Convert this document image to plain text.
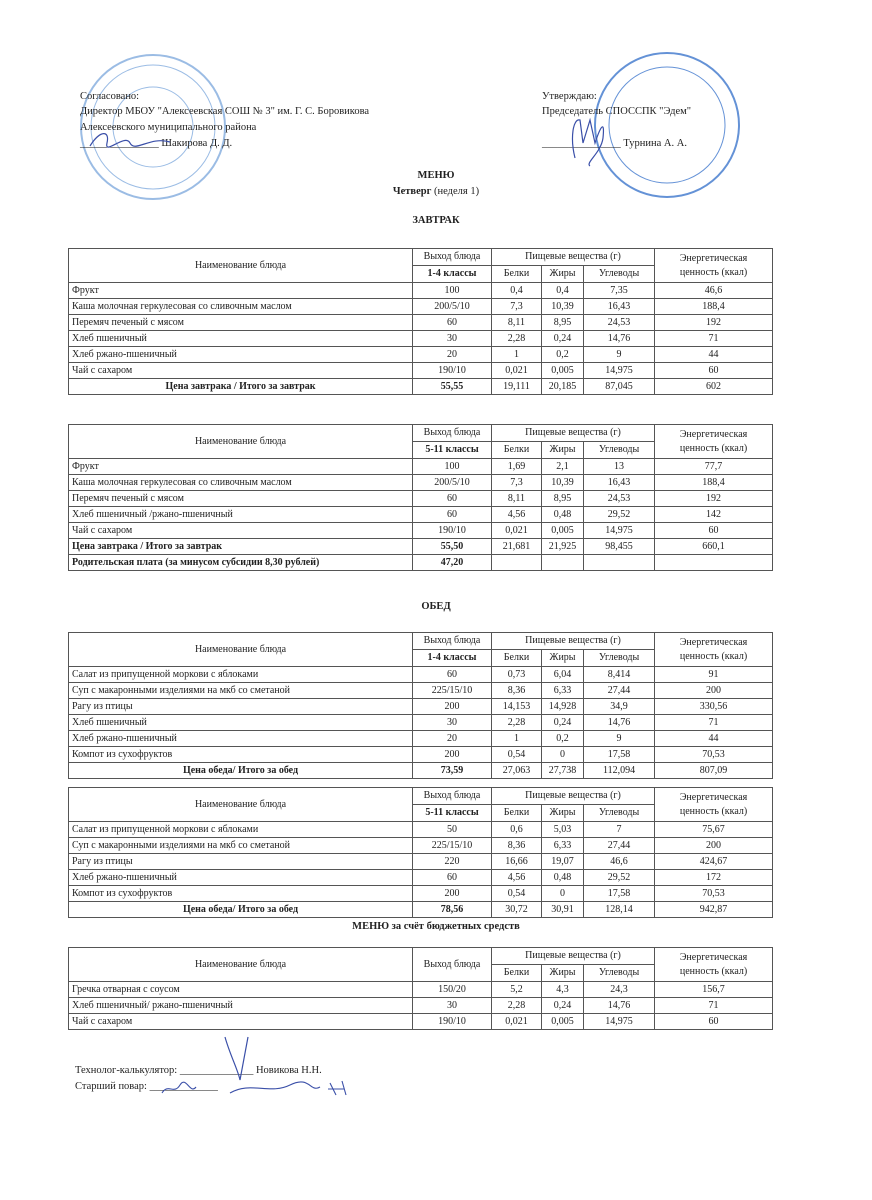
Согласовано:
Директор МБОУ "Алексеевская СОШ № 3" им. Г. С. Боровикова
Алексеевского муниципального района
_______________ Шакирова Д. Д.
Утверждаю:
Председатель СПОССПК "Эдем"
_______________ Турнина А. А.
МЕНЮ
Четверг (неделя 1)
ЗАВТРАК
Наименование блюда	Выход блюда	Пищевые вещества (г)			Энергетическая ценность (ккал)
	1-4 классы	Белки	Жиры	Углеводы	
Фрукт	100	0,4	0,4	7,35	46,6
Каша молочная геркулесовая со сливочным маслом	200/5/10	7,3	10,39	16,43	188,4
Перемяч печеный с мясом	60	8,11	8,95	24,53	192
Хлеб пшеничный	30	2,28	0,24	14,76	71
Хлеб ржано-пшеничный	20	1	0,2	9	44
Чай с сахаром	190/10	0,021	0,005	14,975	60
Цена завтрака / Итого за завтрак	55,55	19,111	20,185	87,045	602
Наименование блюда	Выход блюда	Пищевые вещества (г)			Энергетическая ценность (ккал)
	5-11 классы	Белки	Жиры	Углеводы	
Фрукт	100	1,69	2,1	13	77,7
Каша молочная геркулесовая со сливочным маслом	200/5/10	7,3	10,39	16,43	188,4
Перемяч печеный с мясом	60	8,11	8,95	24,53	192
Хлеб пшеничный /ржано-пшеничный	60	4,56	0,48	29,52	142
Чай с сахаром	190/10	0,021	0,005	14,975	60
Цена завтрака / Итого за завтрак	55,50	21,681	21,925	98,455	660,1
Родительская плата (за минусом субсидии 8,30 рублей)	47,20				
ОБЕД
Наименование блюда	Выход блюда	Пищевые вещества (г)			Энергетическая ценность (ккал)
	1-4 классы	Белки	Жиры	Углеводы	
Салат из припущенной моркови с яблоками	60	0,73	6,04	8,414	91
Суп с макаронными изделиями на мкб со сметаной	225/15/10	8,36	6,33	27,44	200
Рагу из птицы	200	14,153	14,928	34,9	330,56
Хлеб пшеничный	30	2,28	0,24	14,76	71
Хлеб ржано-пшеничный	20	1	0,2	9	44
Компот из сухофруктов	200	0,54	0	17,58	70,53
Цена обеда/ Итого за обед	73,59	27,063	27,738	112,094	807,09
Наименование блюда	Выход блюда	Пищевые вещества (г)			Энергетическая ценность (ккал)
	5-11 классы	Белки	Жиры	Углеводы	
Салат из припущенной моркови с яблоками	50	0,6	5,03	7	75,67
Суп с макаронными изделиями на мкб со сметаной	225/15/10	8,36	6,33	27,44	200
Рагу из птицы	220	16,66	19,07	46,6	424,67
Хлеб ржано-пшеничный	60	4,56	0,48	29,52	172
Компот из сухофруктов	200	0,54	0	17,58	70,53
Цена обеда/ Итого за обед	78,56	30,72	30,91	128,14	942,87
МЕНЮ за счёт бюджетных средств
Наименование блюда	Выход блюда	Пищевые вещества (г)			Энергетическая ценность (ккал)
		Белки	Жиры	Углеводы	
Гречка отварная с соусом	150/20	5,2	4,3	24,3	156,7
Хлеб пшеничный/ ржано-пшеничный	30	2,28	0,24	14,76	71
Чай с сахаром	190/10	0,021	0,005	14,975	60
Технолог-калькулятор: ______________ Новикова Н.Н.
Старший повар: _____________
